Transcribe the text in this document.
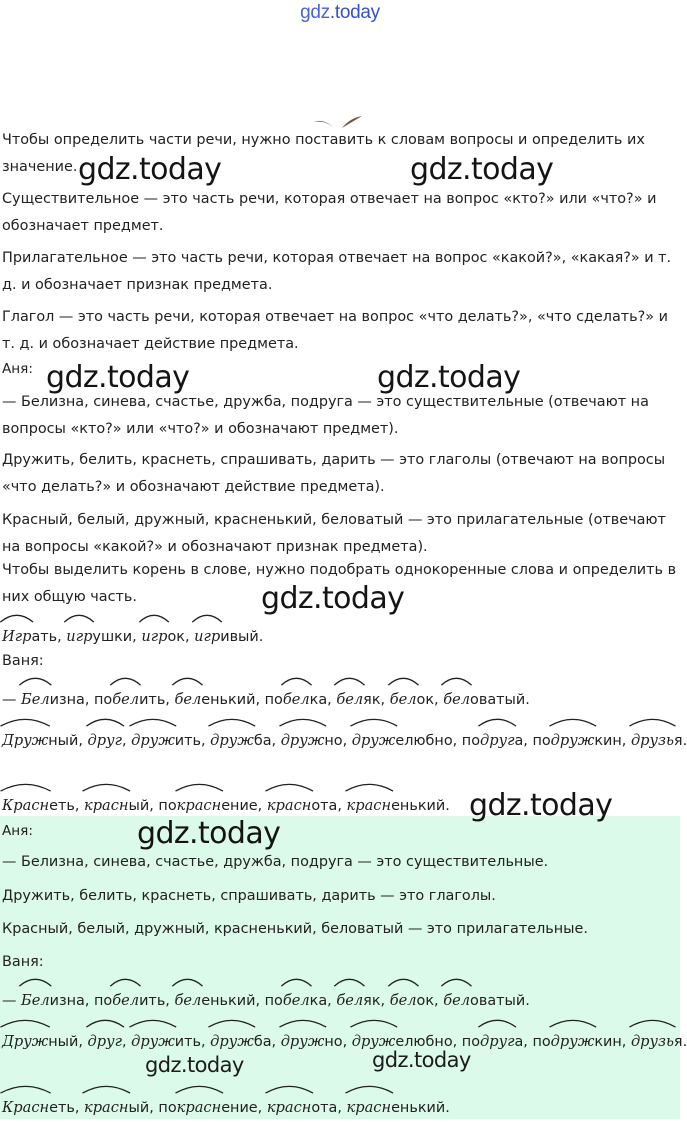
gdz.today

Чтобы определить части речи, нужно поставить к словам вопросы и определить их значение.

Существительное — это часть речи, которая отвечает на вопрос «кто?» или «что?» и обозначает предмет.

Прилагательное — это часть речи, которая отвечает на вопрос «какой?», «какая?» и т. д. и обозначает признак предмета.

Глагол — это часть речи, которая отвечает на вопрос «что делать?», «что сделать?» и т. д. и обозначает действие предмета.

Аня:

— Белизна, синева, счастье, дружба, подруга — это существительные (отвечают на вопросы «кто?» или «что?» и обозначают предмет).

Дружить, белить, краснеть, спрашивать, дарить — это глаголы (отвечают на вопросы «что делать?» и обозначают действие предмета).

Красный, белый, дружный, красненький, беловатый — это прилагательные (отвечают на вопросы «какой?» и обозначают признак предмета).

Чтобы выделить корень в слове, нужно подобрать однокоренные слова и определить в них общую часть.

Игр
ать, игр
ушки, игр
ок, игр
ивый.

Ваня:

— Бел
изна, побел
ить, бел
енький, побел
ка, бел
як, бел
ок, бел
оватый.

Друж
ный, друг
, друж
ить, друж
ба, друж
но, друж
елюбно, подруг
а, подруж
кин, друзь
я.

Красн
еть, красн
ый, покрасн
ение, красн
ота, красн
енький.

Аня:

— Белизна, синева, счастье, дружба, подруга — это существительные.

Дружить, белить, краснеть, спрашивать, дарить — это глаголы.

Красный, белый, дружный, красненький, беловатый — это прилагательные.

Ваня:

— Бел
изна, побел
ить, бел
енький, побел
ка, бел
як, бел
ок, бел
оватый.

Друж
ный, друг
, друж
ить, друж
ба, друж
но, друж
елюбно, подруг
а, подруж
кин, друзь
я.

Красн
еть, красн
ый, покрасн
ение, красн
ота, красн
енький.

gdz.today	gdz.today
gdz.today	gdz.today
gdz.today
gdz.today
gdz.today
gdz.today	gdz.today
